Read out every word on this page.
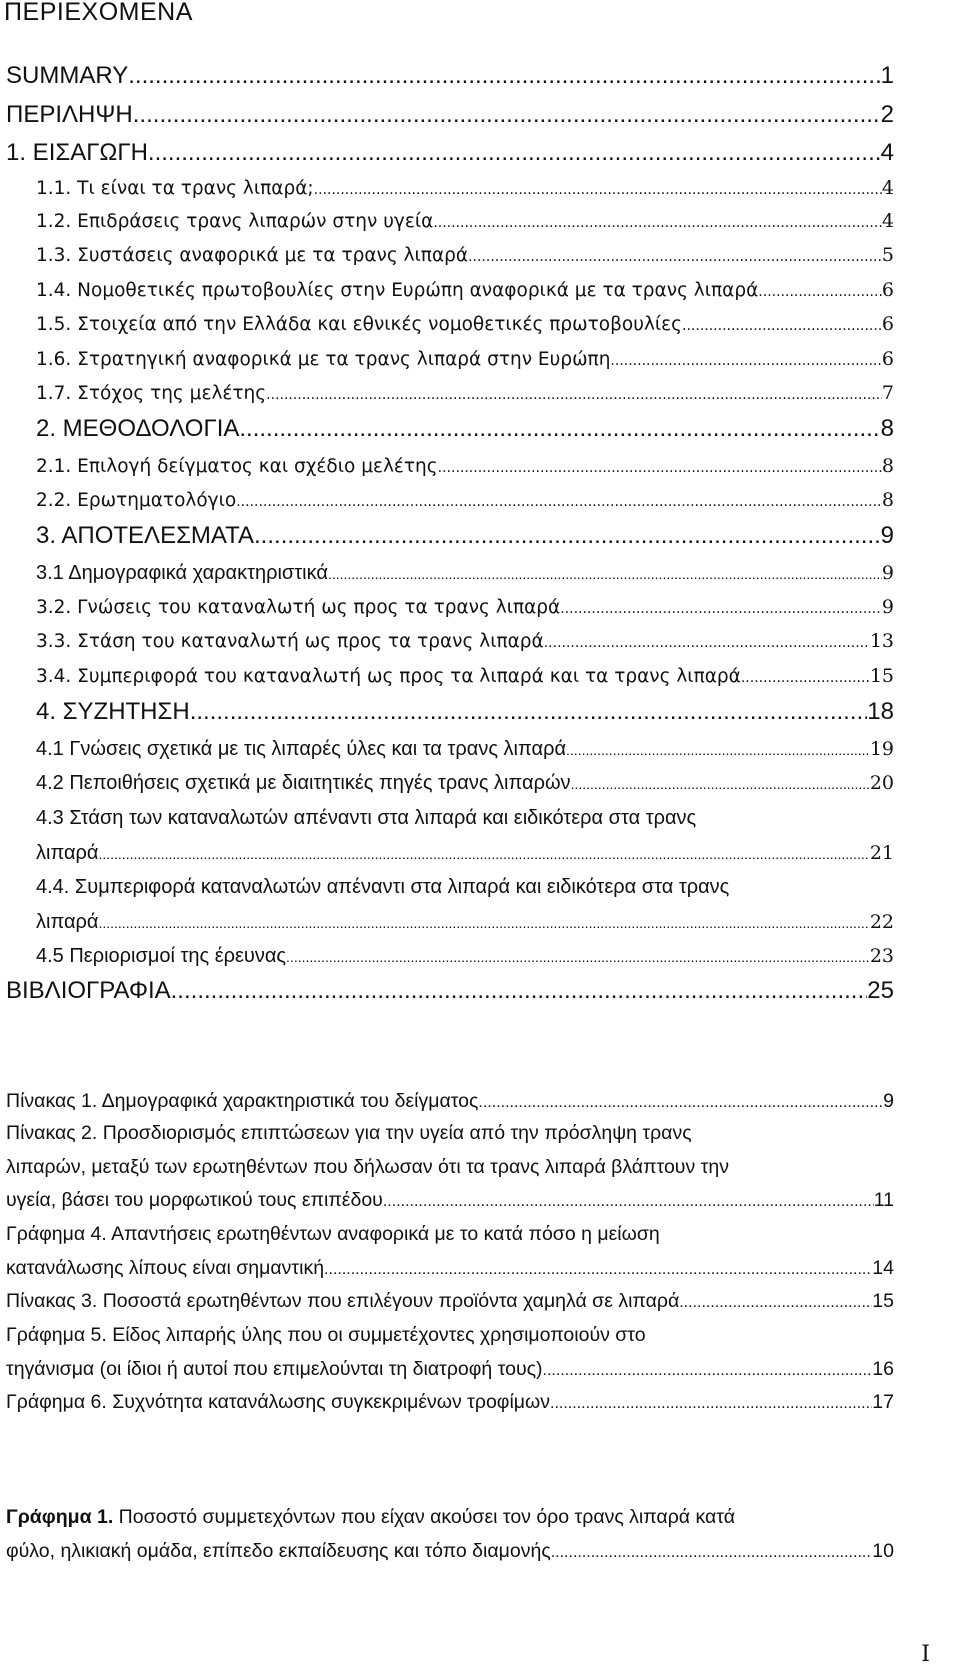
ΠΕΡΙΕΧΟΜΕΝΑ
SUMMARY .....	1
ΠΕΡΙΛΗΨΗ .....	2
1. ΕΙΣΑΓΩΓΗ .....	4
1.1. Τι είναι τα τρανς λιπαρά; .....	4
1.2. Επιδράσεις τρανς λιπαρών στην υγεία .....	4
1.3. Συστάσεις αναφορικά με τα τρανς λιπαρά .....	5
1.4. Νομοθετικές πρωτοβουλίες στην Ευρώπη αναφορικά με τα τρανς λιπαρά .....	6
1.5. Στοιχεία από την Ελλάδα και εθνικές νομοθετικές πρωτοβουλίες .....	6
1.6. Στρατηγική αναφορικά με τα τρανς λιπαρά στην Ευρώπη .....	6
1.7. Στόχος της μελέτης .....	7
2. ΜΕΘΟΔΟΛΟΓΙΑ .....	8
2.1. Επιλογή δείγματος και σχέδιο μελέτης .....	8
2.2. Ερωτηματολόγιο .....	8
3. ΑΠΟΤΕΛΕΣΜΑΤΑ .....	9
3.1 Δημογραφικά χαρακτηριστικά .....	9
3.2. Γνώσεις του καταναλωτή ως προς τα τρανς λιπαρά .....	9
3.3. Στάση του καταναλωτή ως προς τα τρανς λιπαρά .....	13
3.4. Συμπεριφορά του καταναλωτή ως προς τα λιπαρά και τα τρανς λιπαρά .....	15
4. ΣΥΖΗΤΗΣΗ .....	18
4.1 Γνώσεις σχετικά με τις λιπαρές ύλες και τα τρανς λιπαρά .....	19
4.2 Πεποιθήσεις σχετικά με διαιτητικές πηγές τρανς λιπαρών .....	20
4.3 Στάση των καταναλωτών απέναντι στα λιπαρά και ειδικότερα στα τρανς
λιπαρά .....	21
4.4. Συμπεριφορά καταναλωτών απέναντι στα λιπαρά και ειδικότερα στα τρανς
λιπαρά .....	22
4.5 Περιορισμοί της έρευνας .....	23
ΒΙΒΛΙΟΓΡΑΦΙΑ .....	25
Πίνακας 1. Δημογραφικά χαρακτηριστικά του δείγματος .....	9
Πίνακας 2. Προσδιορισμός επιπτώσεων για την υγεία από την πρόσληψη τρανς
λιπαρών, μεταξύ των ερωτηθέντων που δήλωσαν ότι τα τρανς λιπαρά βλάπτουν την
υγεία, βάσει του μορφωτικού τους επιπέδου .....	11
Γράφημα 4. Απαντήσεις ερωτηθέντων αναφορικά με το κατά πόσο η μείωση
κατανάλωσης λίπους είναι σημαντική .....	14
Πίνακας 3. Ποσοστά ερωτηθέντων που επιλέγουν προϊόντα χαμηλά σε λιπαρά .....	15
Γράφημα 5. Είδος λιπαρής ύλης που οι συμμετέχοντες χρησιμοποιούν στο
τηγάνισμα (οι ίδιοι ή αυτοί που επιμελούνται τη διατροφή τους) .....	16
Γράφημα 6. Συχνότητα κατανάλωσης συγκεκριμένων τροφίμων .....	17
Γράφημα 1. Ποσοστό συμμετεχόντων που είχαν ακούσει τον όρο τρανς λιπαρά κατά
φύλο, ηλικιακή ομάδα, επίπεδο εκπαίδευσης και τόπο διαμονής .....	10
I
